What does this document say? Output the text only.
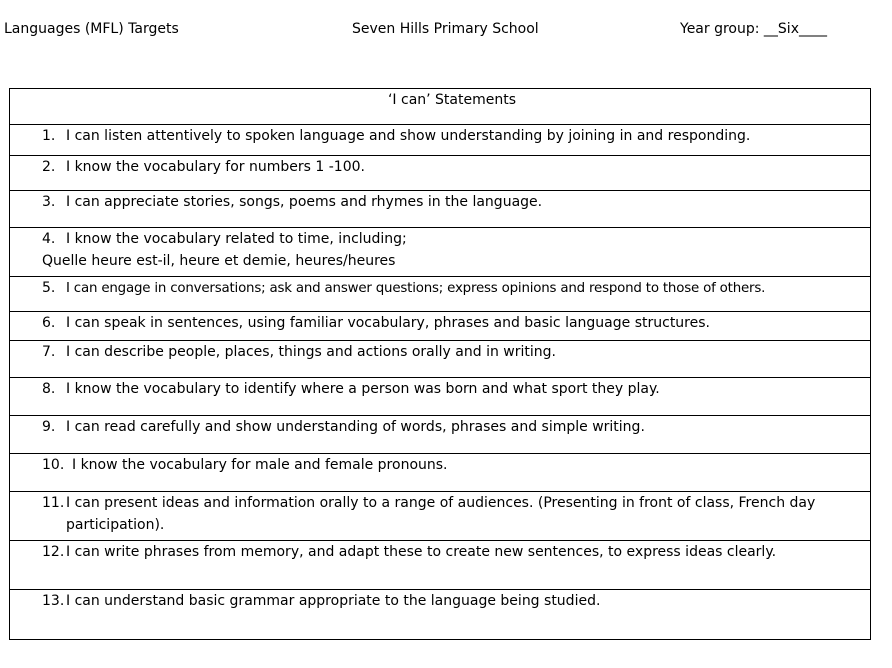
Languages (MFL) Targets	Seven Hills Primary School	Year group: __Six____
‘I can’ Statements
1. I can listen attentively to spoken language and show understanding by joining in and responding.
2. I know the vocabulary for numbers 1 -100.
3. I can appreciate stories, songs, poems and rhymes in the language.
4. I know the vocabulary related to time, including;
Quelle heure est-il, heure et demie, heures/heures

5. I can engage in conversations; ask and answer questions; express opinions and respond to those of others.
6. I can speak in sentences, using familiar vocabulary, phrases and basic language structures.
7. I can describe people, places, things and actions orally and in writing.
8. I know the vocabulary to identify where a person was born and what sport they play.
9. I can read carefully and show understanding of words, phrases and simple writing.
10. I know the vocabulary for male and female pronouns.

11. I can present ideas and information orally to a range of audiences. (Presenting in front of class, French day participation).

12. I can write phrases from memory, and adapt these to create new sentences, to express ideas clearly.
13. I can understand basic grammar appropriate to the language being studied.
